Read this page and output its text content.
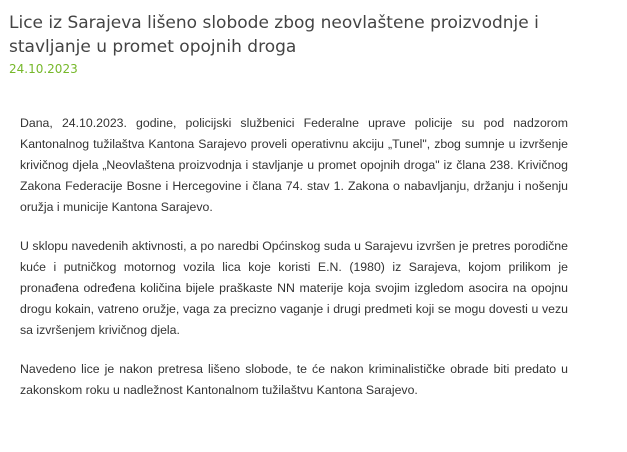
Lice iz Sarajeva lišeno slobode zbog neovlaštene proizvodnje i stavljanje u promet opojnih droga
24.10.2023

Dana, 24.10.2023. godine, policijski službenici Federalne uprave policije su pod nadzorom Kantonalnog tužilaštva Kantona Sarajevo proveli operativnu akciju „Tunel", zbog sumnje u izvršenje krivičnog djela „Neovlaštena proizvodnja i stavljanje u promet opojnih droga" iz člana 238. Krivičnog Zakona Federacije Bosne i Hercegovine i člana 74. stav 1. Zakona o nabavljanju, držanju i nošenju oružja i municije Kantona Sarajevo.

U sklopu navedenih aktivnosti, a po naredbi Općinskog suda u Sarajevu izvršen je pretres porodične kuće i putničkog motornog vozila lica koje koristi E.N. (1980) iz Sarajeva, kojom prilikom je pronađena određena količina bijele praškaste NN materije koja svojim izgledom asocira na opojnu drogu kokain, vatreno oružje, vaga za precizno vaganje i drugi predmeti koji se mogu dovesti u vezu sa izvršenjem krivičnog djela.

Navedeno lice je nakon pretresa lišeno slobode, te će nakon kriminalističke obrade biti predato u zakonskom roku u nadležnost Kantonalnom tužilaštvu Kantona Sarajevo.
